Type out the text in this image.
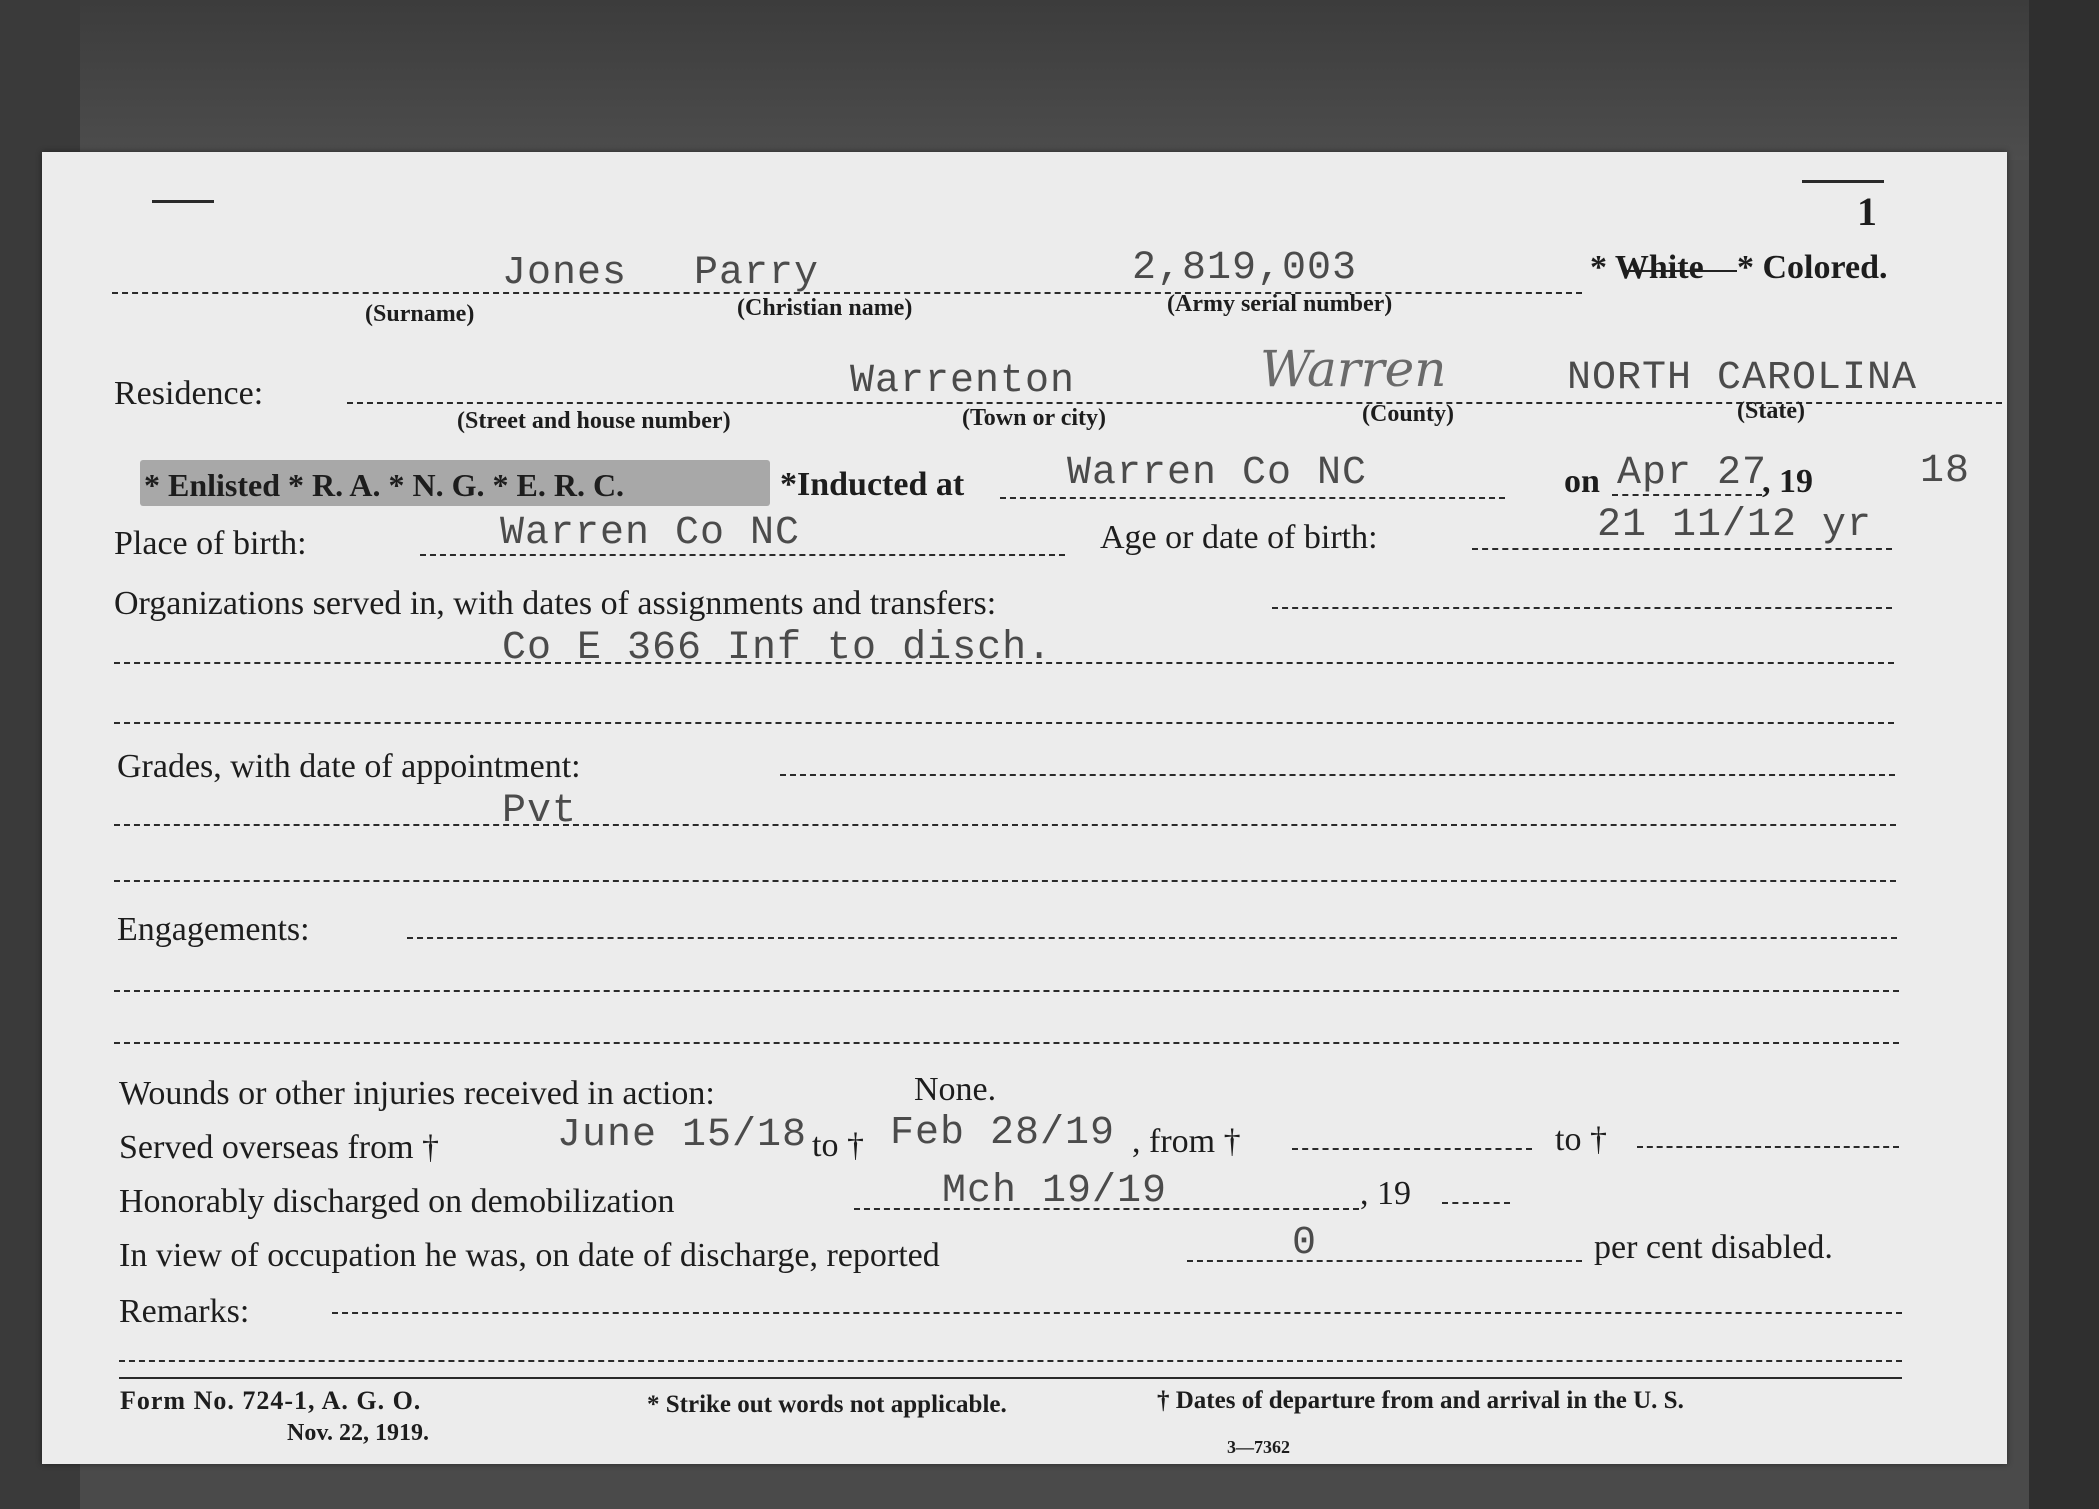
1
Jones Parry	2,819,003
(Surname)	(Christian name)	(Army serial number)
* White * Colored.
Residence:	Warrenton	Warren	NORTH CAROLINA
(Street and house number)	(Town or city)	(County)	(State)
* Enlisted * R. A. * N. G. * E. R. C.	*Inducted at	Warren Co NC	on Apr 27
, 19	18
Place of birth:	Warren Co NC	Age or date of birth:	21 11/12 yr
Organizations served in, with dates of assignments and transfers:
Co E 366 Inf to disch.
Grades, with date of appointment:
Pvt
Engagements:
Wounds or other injuries received in action:	None.
Served overseas from †	June 15/18 to † Feb 28/19 , from †	to †
Honorably discharged on demobilization	Mch 19/19	, 19
In view of occupation he was, on date of discharge, reported	0	per cent disabled.
Remarks:
Form No. 724-1, A. G. O.
Nov. 22, 1919.
* Strike out words not applicable.	† Dates of departure from and arrival in the U. S.
3—7362
